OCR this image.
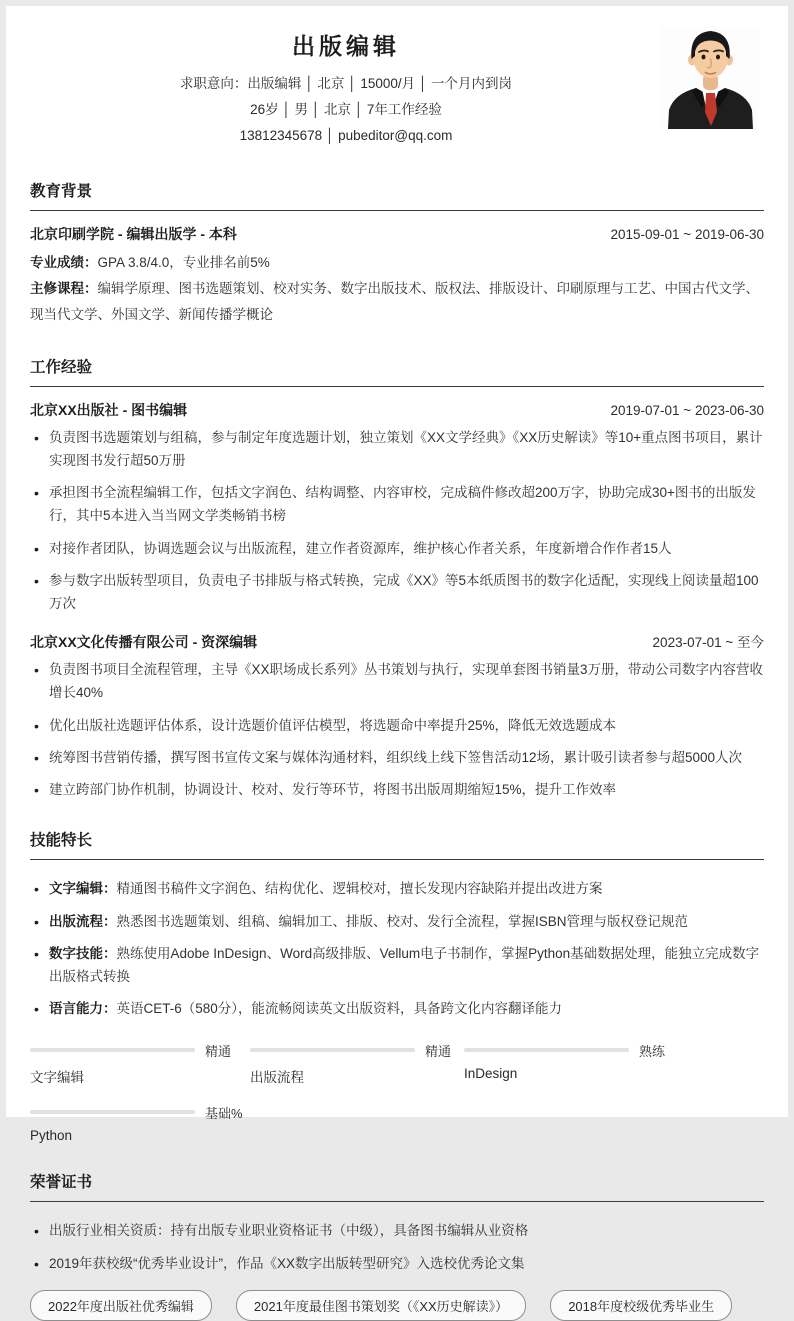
出版编辑

求职意向：出版编辑 │ 北京 │ 15000/月 │ 一个月内到岗

26岁 │ 男 │ 北京 │ 7年工作经验

13812345678 │ pubeditor@qq.com

教育背景
北京印刷学院 - 编辑出版学 - 本科	2015-09-01 ~ 2019-06-30

专业成绩：GPA 3.8/4.0，专业排名前5%

主修课程：编辑学原理、图书选题策划、校对实务、数字出版技术、版权法、排版设计、印刷原理与工艺、中国古代文学、现当代文学、外国文学、新闻传播学概论

工作经验
北京XX出版社 - 图书编辑	2019-07-01 ~ 2023-06-30
• 负责图书选题策划与组稿，参与制定年度选题计划，独立策划《XX文学经典》《XX历史解读》等10+重点图书项目，累计实现图书发行超50万册
• 承担图书全流程编辑工作，包括文字润色、结构调整、内容审校，完成稿件修改超200万字，协助完成30+图书的出版发行，其中5本进入当当网文学类畅销书榜
• 对接作者团队，协调选题会议与出版流程，建立作者资源库，维护核心作者关系，年度新增合作作者15人
• 参与数字出版转型项目，负责电子书排版与格式转换，完成《XX》等5本纸质图书的数字化适配，实现线上阅读量超100万次
北京XX文化传播有限公司 - 资深编辑	2023-07-01 ~ 至今
• 负责图书项目全流程管理，主导《XX职场成长系列》丛书策划与执行，实现单套图书销量3万册，带动公司数字内容营收增长40%
• 优化出版社选题评估体系，设计选题价值评估模型，将选题命中率提升25%，降低无效选题成本
• 统筹图书营销传播，撰写图书宣传文案与媒体沟通材料，组织线上线下签售活动12场，累计吸引读者参与超5000人次
• 建立跨部门协作机制，协调设计、校对、发行等环节，将图书出版周期缩短15%，提升工作效率
技能特长
• 文字编辑：精通图书稿件文字润色、结构优化、逻辑校对，擅长发现内容缺陷并提出改进方案
• 出版流程：熟悉图书选题策划、组稿、编辑加工、排版、校对、发行全流程，掌握ISBN管理与版权登记规范
• 数字技能：熟练使用Adobe InDesign、Word高级排版、Vellum电子书制作，掌握Python基础数据处理，能独立完成数字出版格式转换
• 语言能力：英语CET-6（580分），能流畅阅读英文出版资料，具备跨文化内容翻译能力
精通
文字编辑
精通
出版流程
熟练
InDesign
基础%
Python
荣誉证书
• 出版行业相关资质：持有出版专业职业资格证书（中级），具备图书编辑从业资格
• 2019年获校级“优秀毕业设计”，作品《XX数字出版转型研究》入选校优秀论文集
2022年度出版社优秀编辑	2021年度最佳图书策划奖（《XX历史解读》）	2018年度校级优秀毕业生
